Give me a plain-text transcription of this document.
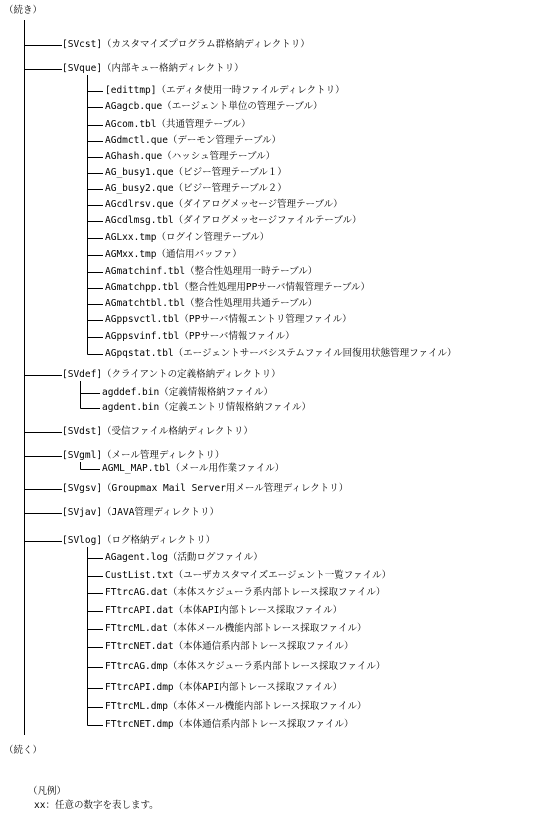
（続き）
[SVcst]（カスタマイズプログラム群格納ディレクトリ）
[SVque]（内部キュー格納ディレクトリ）
[edittmp]（エディタ使用一時ファイルディレクトリ）
AGagcb.que（エージェント単位の管理テーブル）
AGcom.tbl（共通管理テーブル）
AGdmctl.que（デーモン管理テーブル）
AGhash.que（ハッシュ管理テーブル）
AG_busy1.que（ビジー管理テーブル１）
AG_busy2.que（ビジー管理テーブル２）
AGcdlrsv.que（ダイアログメッセージ管理テーブル）
AGcdlmsg.tbl（ダイアログメッセージファイルテーブル）
AGLxx.tmp（ログイン管理テーブル）
AGMxx.tmp（通信用バッファ）
AGmatchinf.tbl（整合性処理用一時テーブル）
AGmatchpp.tbl（整合性処理用PPサーバ情報管理テーブル）
AGmatchtbl.tbl（整合性処理用共通テーブル）
AGppsvctl.tbl（PPサーバ情報エントリ管理ファイル）
AGppsvinf.tbl（PPサーバ情報ファイル）
AGpqstat.tbl（エージェントサーバシステムファイル回復用状態管理ファイル）
[SVdef]（クライアントの定義格納ディレクトリ）
agddef.bin（定義情報格納ファイル）
agdent.bin（定義エントリ情報格納ファイル）
[SVdst]（受信ファイル格納ディレクトリ）
[SVgml]（メール管理ディレクトリ）
AGML_MAP.tbl（メール用作業ファイル）
[SVgsv]（Groupmax Mail Server用メール管理ディレクトリ）
[SVjav]（JAVA管理ディレクトリ）
[SVlog]（ログ格納ディレクトリ）
AGagent.log（活動ログファイル）
CustList.txt（ユーザカスタマイズエージェント一覧ファイル）
FTtrcAG.dat（本体スケジューラ系内部トレース採取ファイル）
FTtrcAPI.dat（本体API内部トレース採取ファイル）
FTtrcML.dat（本体メール機能内部トレース採取ファイル）
FTtrcNET.dat（本体通信系内部トレース採取ファイル）
FTtrcAG.dmp（本体スケジューラ系内部トレース採取ファイル）
FTtrcAPI.dmp（本体API内部トレース採取ファイル）
FTtrcML.dmp（本体メール機能内部トレース採取ファイル）
FTtrcNET.dmp（本体通信系内部トレース採取ファイル）
（続く）
（凡例）
xx：任意の数字を表します。
